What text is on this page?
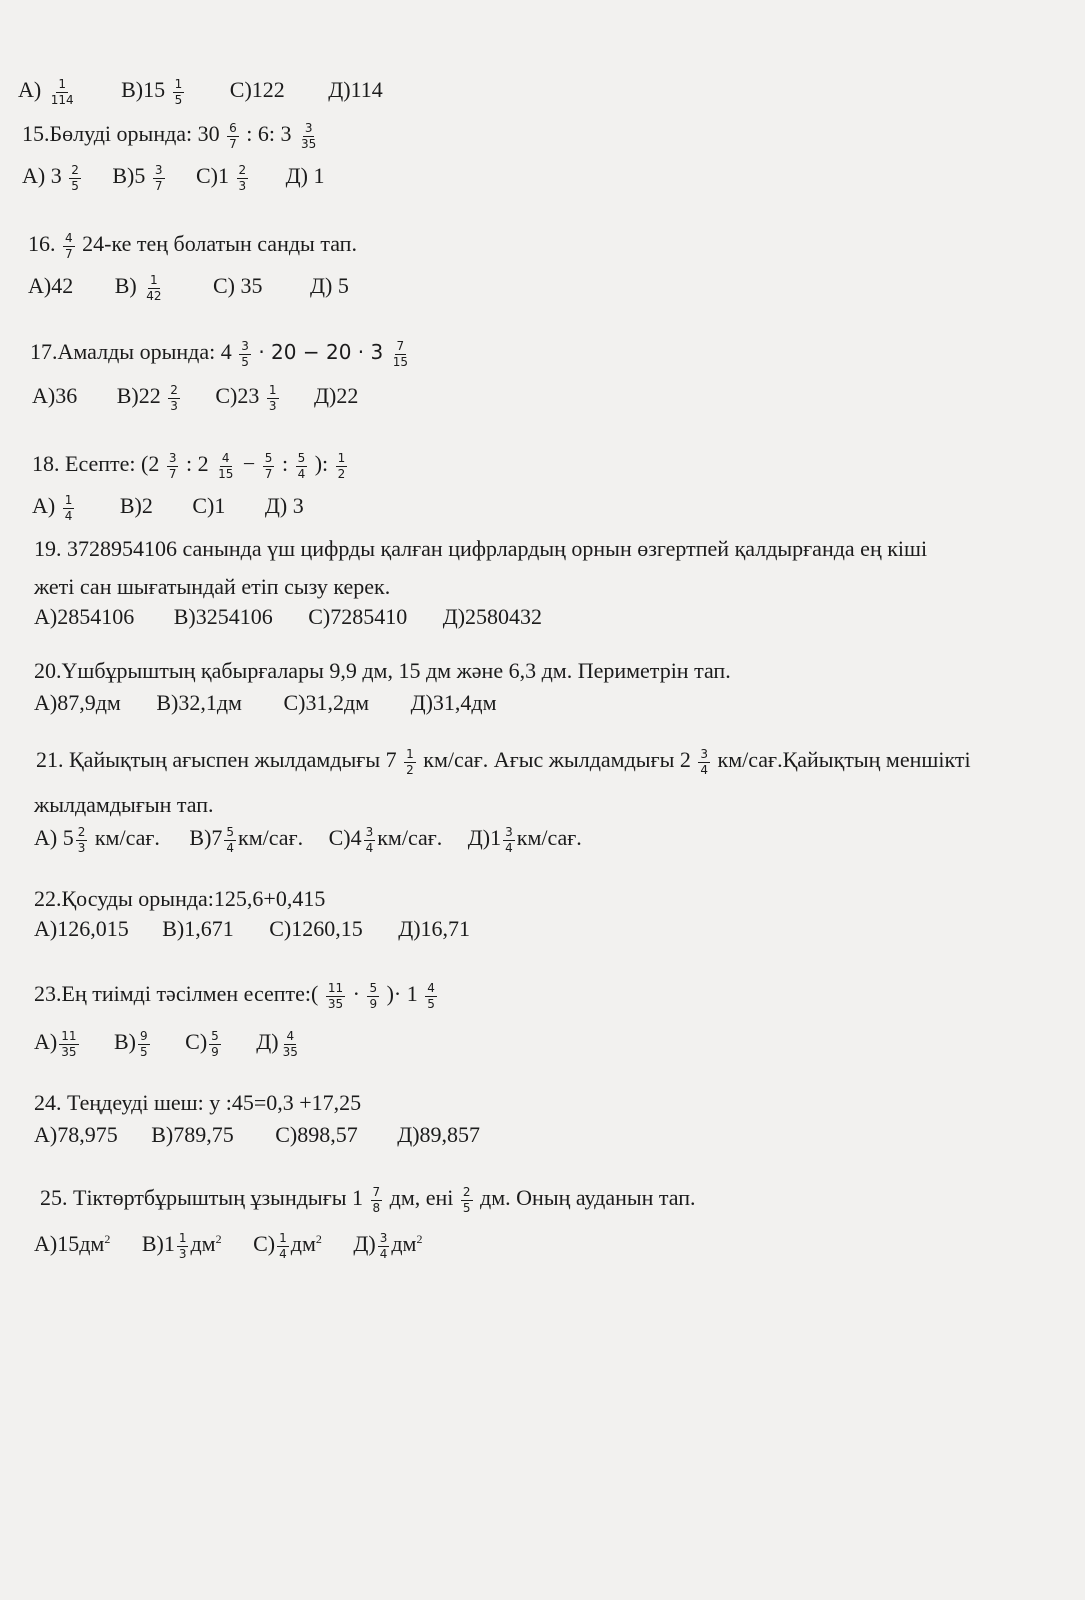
$А) \frac{1}{114} В)15 \frac{1}{5} С)122$ Д)114
15.Бөлуді орында: $30 \frac{6}{7}$ : 6: $3 \frac{3}{35}$
А) $3 \frac{2}{5} В)5 \frac{3}{7} С)1 \frac{2}{3} Д$) 1
16. $\frac{4}{7} 24-ке$ тең болатын санды тап.
А)42 $В) \frac{1}{42} С$) 35 Д) 5
17.Амалды орында: $4 \frac{3}{5} \cdot 20 - 20 \cdot 3 \frac{7}{15}$
А)36 $В)22 \frac{2}{3} С)23 \frac{1}{3} Д)22$
18. Есепте: ($2 \frac{3}{7}$ : $2 \frac{4}{15} - \frac{5}{7}$ : $\frac{5}{4}$ ): $\frac{1}{2}$
$А) \frac{1}{4} В)2$ С)1 Д) 3
19. 3728954106 санында үш цифрды қалған цифрлардың орнын өзгертпей қалдырғанда ең кіші
жеті сан шығатындай етіп сызу керек.
А)2854106 В)3254106 С)7285410 Д)2580432
20.Үшбұрыштың қабырғалары 9,9 дм, 15 дм және 6,3 дм. Периметрін тап.
А)87,9дм В)32,1дм С)31,2дм Д)31,4дм
21. Қайықтың ағыспен жылдамдығы $7 \frac{1}{2} км/сағ$. Ағыс жылдамдығы $2 \frac{3}{4}$ км/сағ.Қайықтың меншікті
жылдамдығын тап.
А) $5 \frac{2}{3} км/сағ$. $В)7 \frac{5}{4} км/сағ$. $С)4 \frac{3}{4} км/сағ$. $Д)1 \frac{3}{4} км/сағ$.
22.Қосуды орында:125,6+0,415
А)126,015 В)1,671 С)1260,15 Д)16,71
23.Ең тиімді тәсілмен есепте:( $\frac{11}{35} \cdot \frac{5}{9}$ )· $1 \frac{4}{5}$
$А) \frac{11}{35} В) \frac{9}{5} С) \frac{5}{9} Д) \frac{4}{35}$
24. Теңдеуді шеш: у :45=0,3 +17,25
А)78,975 В)789,75 С)898,57 Д)89,857
25. Тіктөртбұрыштың ұзындығы $1 \frac{7}{8}$ дм, ені $\frac{2}{5}$ дм. Оның ауданын тап.
$А)15дм^2$ $В)1 \frac{1}{3} дм^2$ $С) \frac{1}{4} дм^2$ $Д) \frac{3}{4} дм^2$
